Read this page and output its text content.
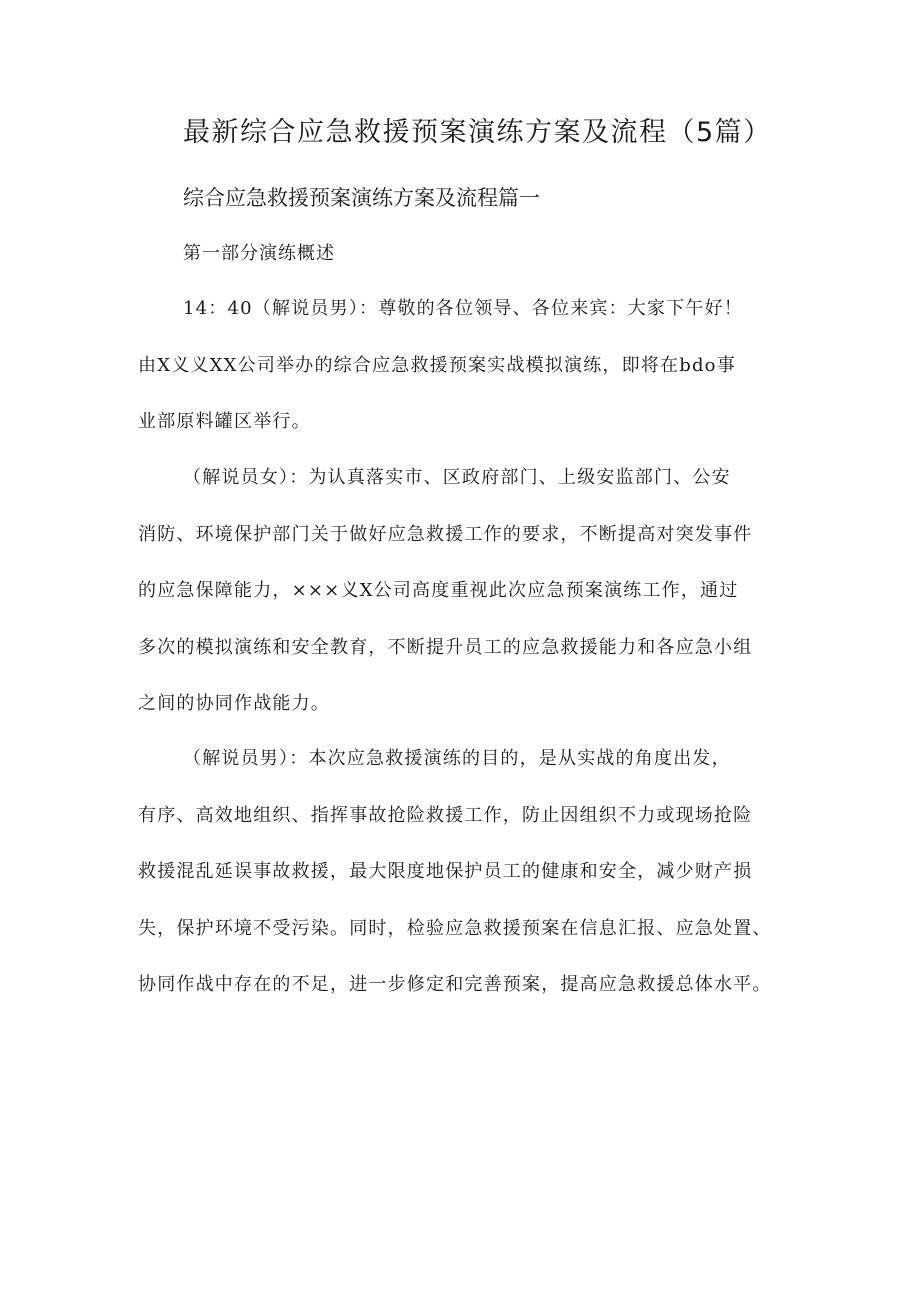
最新综合应急救援预案演练方案及流程（5篇）
综合应急救援预案演练方案及流程篇一
第一部分演练概述
14：40（解说员男）：尊敬的各位领导、各位来宾：大家下午好！
由X义义XX公司举办的综合应急救援预案实战模拟演练，即将在bdo事
业部原料罐区举行。
（解说员女）：为认真落实市、区政府部门、上级安监部门、公安
消防、环境保护部门关于做好应急救援工作的要求，不断提高对突发事件
的应急保障能力，×××义X公司高度重视此次应急预案演练工作，通过
多次的模拟演练和安全教育，不断提升员工的应急救援能力和各应急小组
之间的协同作战能力。
（解说员男）：本次应急救援演练的目的，是从实战的角度出发，
有序、高效地组织、指挥事故抢险救援工作，防止因组织不力或现场抢险
救援混乱延误事故救援，最大限度地保护员工的健康和安全，减少财产损
失，保护环境不受污染。同时，检验应急救援预案在信息汇报、应急处置、
协同作战中存在的不足，进一步修定和完善预案，提高应急救援总体水平。
